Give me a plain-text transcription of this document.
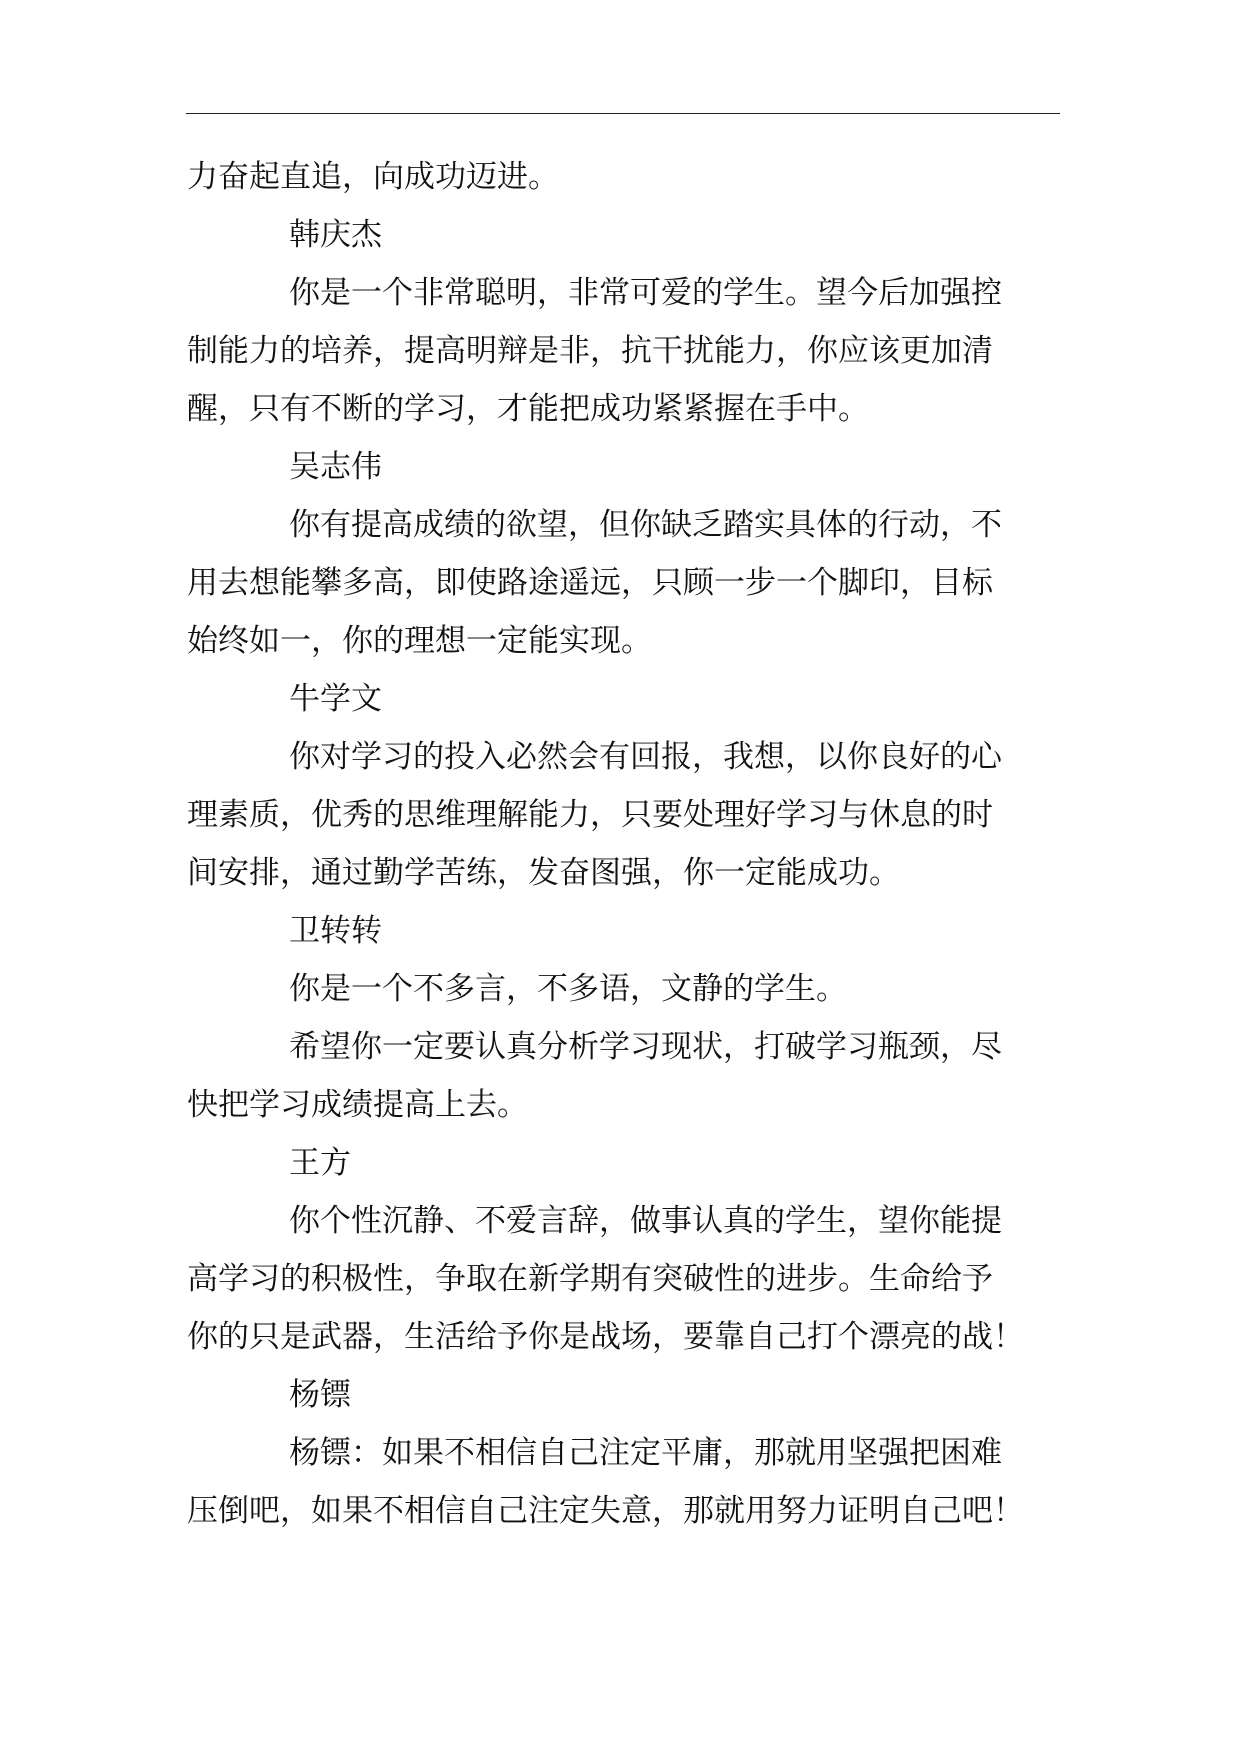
力奋起直追，向成功迈进。
韩庆杰
你是一个非常聪明，非常可爱的学生。望今后加强控
制能力的培养，提高明辩是非，抗干扰能力，你应该更加清
醒，只有不断的学习，才能把成功紧紧握在手中。
吴志伟
你有提高成绩的欲望，但你缺乏踏实具体的行动，不
用去想能攀多高，即使路途遥远，只顾一步一个脚印，目标
始终如一，你的理想一定能实现。
牛学文
你对学习的投入必然会有回报，我想，以你良好的心
理素质，优秀的思维理解能力，只要处理好学习与休息的时
间安排，通过勤学苦练，发奋图强，你一定能成功。
卫转转
你是一个不多言，不多语，文静的学生。
希望你一定要认真分析学习现状，打破学习瓶颈，尽
快把学习成绩提高上去。
王方
你个性沉静、不爱言辞，做事认真的学生，望你能提
高学习的积极性，争取在新学期有突破性的进步。生命给予
你的只是武器，生活给予你是战场，要靠自己打个漂亮的战！
杨镖
杨镖：如果不相信自己注定平庸，那就用坚强把困难
压倒吧，如果不相信自己注定失意，那就用努力证明自己吧！
